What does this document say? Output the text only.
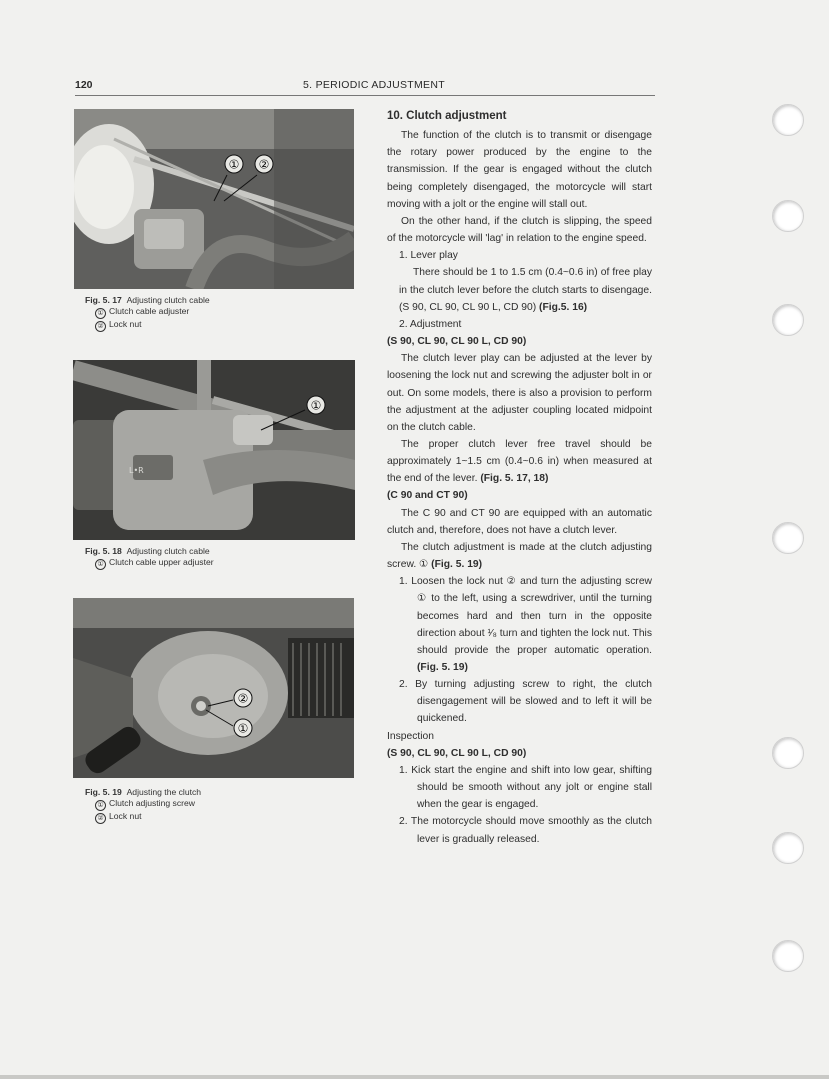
120	5. PERIODIC ADJUSTMENT
① ②
Fig. 5. 17 Adjusting clutch cable
① Clutch cable adjuster
② Lock nut
L•R
①
Fig. 5. 18 Adjusting clutch cable
① Clutch cable upper adjuster
②
①
Fig. 5. 19 Adjusting the clutch
① Clutch adjusting screw
② Lock nut

10. Clutch adjustment

The function of the clutch is to transmit or disengage the rotary power produced by the engine to the transmission. If the gear is engaged without the clutch being completely disengaged, the motorcycle will start moving with a jolt or the engine will stall out.

On the other hand, if the clutch is slipping, the speed of the motorcycle will 'lag' in relation to the engine speed.

1. Lever play

There should be 1 to 1.5 cm (0.4~0.6 in) of free play in the clutch lever before the clutch starts to disengage. (S 90, CL 90, CL 90 L, CD 90) (Fig.5. 16)

2. Adjustment

(S 90, CL 90, CL 90 L, CD 90)

The clutch lever play can be adjusted at the lever by loosening the lock nut and screwing the adjuster bolt in or out. On some models, there is also a provision to perform the adjustment at the adjuster coupling located midpoint on the clutch cable.

The proper clutch lever free travel should be approximately 1~1.5 cm (0.4~0.6 in) when measured at the end of the lever. (Fig. 5. 17, 18)

(C 90 and CT 90)

The C 90 and CT 90 are equipped with an automatic clutch and, therefore, does not have a clutch lever.

The clutch adjustment is made at the clutch adjusting screw. ① (Fig. 5. 19)

1. Loosen the lock nut ② and turn the adjusting screw ① to the left, using a screwdriver, until the turning becomes hard and then turn in the opposite direction about ¹⁄₈ turn and tighten the lock nut. This should provide the proper automatic operation. (Fig. 5. 19)

2. By turning adjusting screw to right, the clutch disengagement will be slowed and to left it will be quickened.

Inspection

(S 90, CL 90, CL 90 L, CD 90)

1. Kick start the engine and shift into low gear, shifting should be smooth without any jolt or engine stall when the gear is engaged.

2. The motorcycle should move smoothly as the clutch lever is gradually released.
